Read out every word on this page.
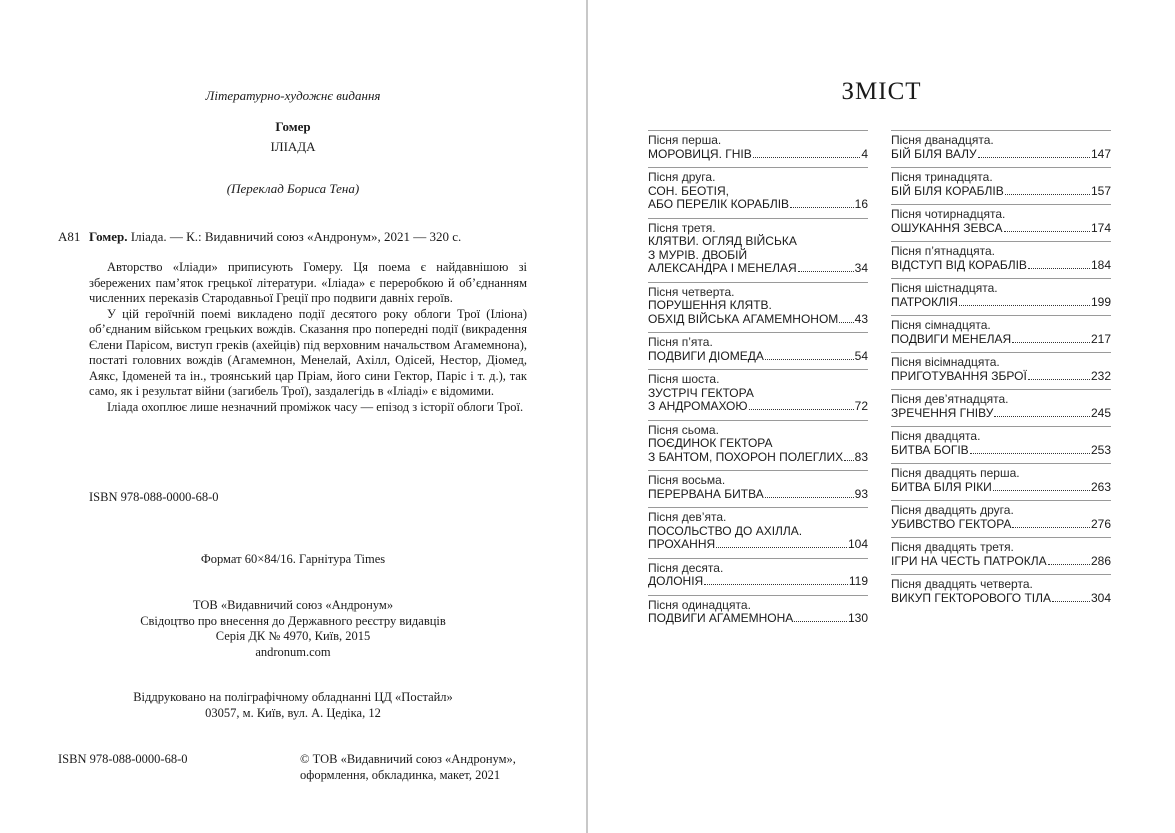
Літературно-художнє видання
Гомер
ІЛІАДА
(Переклад Бориса Тена)
А81 Гомер. Іліада. — К.: Видавничий союз «Андронум», 2021 — 320 с.

Авторство «Іліади» приписують Гомеру. Ця поема є найдавнішою зі збережених пам’яток грецької літератури. «Іліада» є переробкою й об’єднанням численних переказів Стародавньої Греції про подвиги давніх героїв.

У цій героїчній поемі викладено події десятого року облоги Трої (Іліона) об’єднаним військом грецьких вождів. Сказання про попередні події (викрадення Єлени Парісом, виступ греків (ахейців) під верховним начальством Агамемнона), постаті головних вождів (Агамемнон, Менелай, Ахілл, Одісей, Нестор, Діомед, Аякс, Ідоменей та ін., троянський цар Пріам, його сини Гектор, Паріс і т. д.), так само, як і результат війни (загибель Трої), заздалегідь в «Іліаді» є відомими.

Іліада охоплює лише незначний проміжок часу — епізод з історії облоги Трої.

ISBN 978-088-0000-68-0
Формат 60×84/16. Гарнітура Times
ТОВ «Видавничий союз «Андронум»
Свідоцтво про внесення до Державного реєстру видавців
Серія ДК № 4970, Київ, 2015
andronum.com
Віддруковано на поліграфічному обладнанні ЦД «Постайл»
03057, м. Київ, вул. А. Цедіка, 12
ISBN 978-088-0000-68-0	© ТОВ «Видавничий союз «Андронум»,
оформлення, обкладинка, макет, 2021
ЗМІСТ
Пісня перша.
МОРОВИЦЯ. ГНІВ	4
Пісня друга.
СОН. БЕОТІЯ,
АБО ПЕРЕЛІК КОРАБЛІВ	16
Пісня третя.
КЛЯТВИ. ОГЛЯД ВІЙСЬКА
З МУРІВ. ДВОБІЙ
АЛЕКСАНДРА І МЕНЕЛАЯ	34
Пісня четверта.
ПОРУШЕННЯ КЛЯТВ.
ОБХІД ВІЙСЬКА АГАМЕМНОНОМ 43
Пісня п’ята.
ПОДВИГИ ДІОМЕДА	54
Пісня шоста.
ЗУСТРІЧ ГЕКТОРА
З АНДРОМАХОЮ	72
Пісня сьома.
ПОЄДИНОК ГЕКТОРА
З БАНТОМ, ПОХОРОН ПОЛЕГЛИХ 83
Пісня восьма.
ПЕРЕРВАНА БИТВА	93
Пісня дев’ята.
ПОСОЛЬСТВО ДО АХІЛЛА.
ПРОХАННЯ	104
Пісня десята.
ДОЛОНІЯ	119
Пісня одинадцята.
ПОДВИГИ АГАМЕМНОНА	130
Пісня дванадцята.
БІЙ БІЛЯ ВАЛУ	147
Пісня тринадцята.
БІЙ БІЛЯ КОРАБЛІВ	157
Пісня чотирнадцята.
ОШУКАННЯ ЗЕВСА	174
Пісня п’ятнадцята.
ВІДСТУП ВІД КОРАБЛІВ	184
Пісня шістнадцята.
ПАТРОКЛІЯ	199
Пісня сімнадцята.
ПОДВИГИ МЕНЕЛАЯ	217
Пісня вісімнадцята.
ПРИГОТУВАННЯ ЗБРОЇ	232
Пісня дев’ятнадцята.
ЗРЕЧЕННЯ ГНІВУ	245
Пісня двадцята.
БИТВА БОГІВ	253
Пісня двадцять перша.
БИТВА БІЛЯ РІКИ	263
Пісня двадцять друга.
УБИВСТВО ГЕКТОРА	276
Пісня двадцять третя.
ІГРИ НА ЧЕСТЬ ПАТРОКЛА	286
Пісня двадцять четверта.
ВИКУП ГЕКТОРОВОГО ТІЛА	304
